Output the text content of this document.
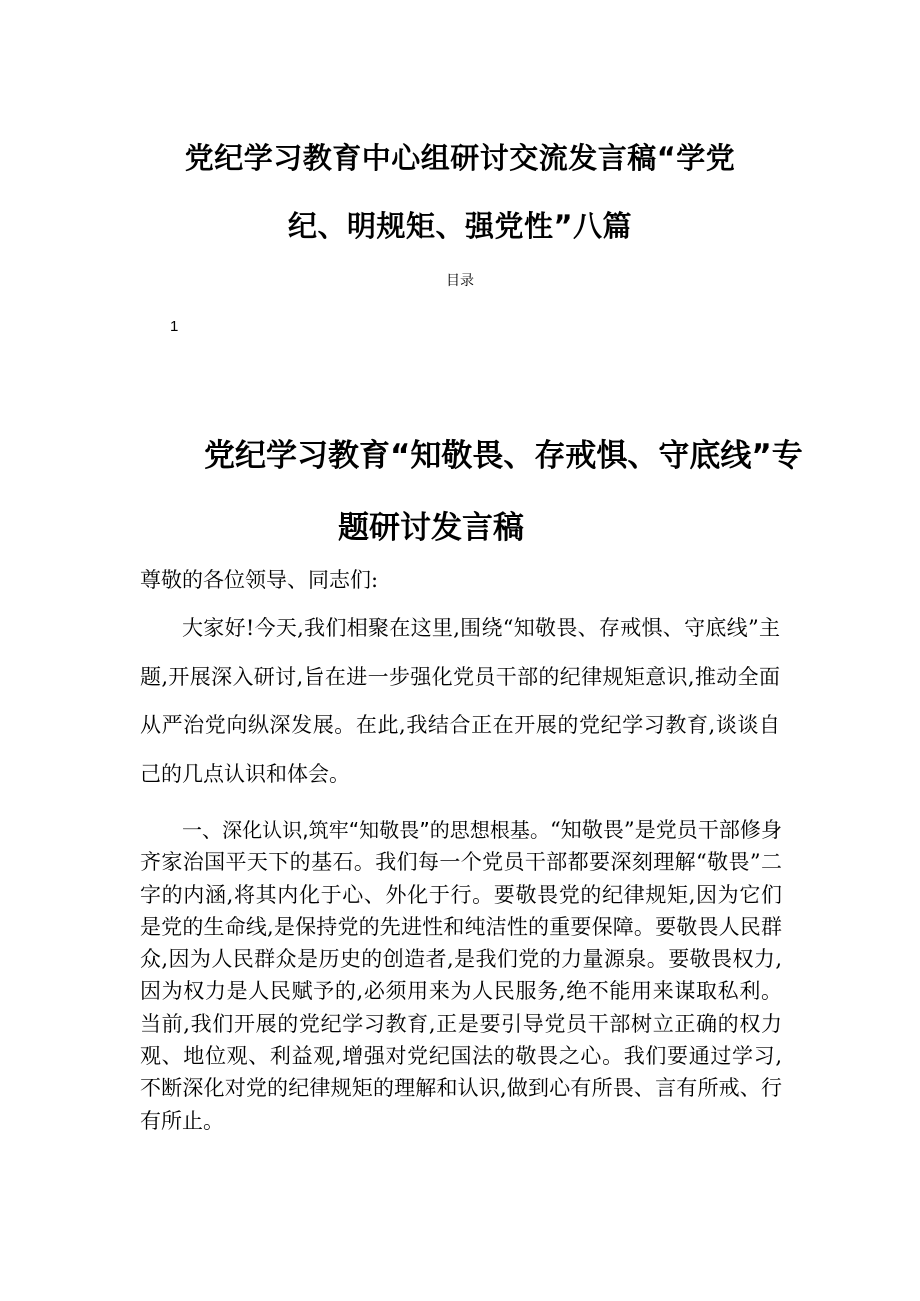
党纪学习教育中心组研讨交流发言稿“学党
纪、明规矩、强党性”八篇
目录
1
党纪学习教育“知敬畏、存戒惧、守底线”专
题研讨发言稿
尊敬的各位领导、同志们:

大家好!今天,我们相聚在这里,围绕“知敬畏、存戒惧、守底线”主题,开展深入研讨,旨在进一步强化党员干部的纪律规矩意识,推动全面从严治党向纵深发展。在此,我结合正在开展的党纪学习教育,谈谈自己的几点认识和体会。

一、深化认识,筑牢“知敬畏”的思想根基。“知敬畏”是党员干部修身齐家治国平天下的基石。我们每一个党员干部都要深刻理解“敬畏”二字的内涵,将其内化于心、外化于行。要敬畏党的纪律规矩,因为它们是党的生命线,是保持党的先进性和纯洁性的重要保障。要敬畏人民群众,因为人民群众是历史的创造者,是我们党的力量源泉。要敬畏权力,因为权力是人民赋予的,必须用来为人民服务,绝不能用来谋取私利。当前,我们开展的党纪学习教育,正是要引导党员干部树立正确的权力观、地位观、利益观,增强对党纪国法的敬畏之心。我们要通过学习,不断深化对党的纪律规矩的理解和认识,做到心有所畏、言有所戒、行有所止。
